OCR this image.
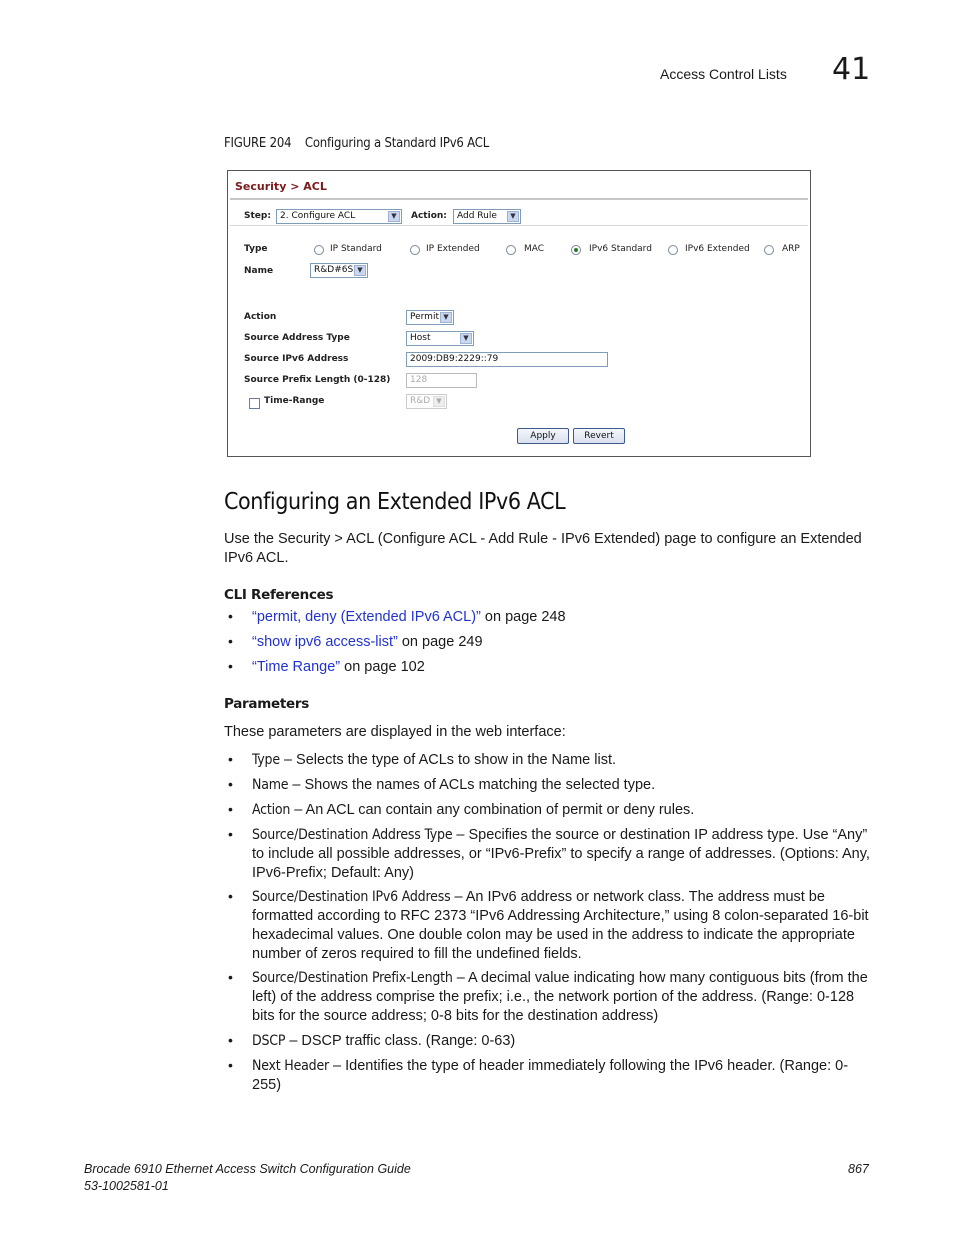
Access Control Lists 41
FIGURE 204 Configuring a Standard IPv6 ACL
Security > ACL
Step:	2. Configure ACL	▼	Action:	Add Rule	▼
Type	IP Standard	IP Extended	MAC	IPv6 Standard	IPv6 Extended	ARP
Name	R&D#6S ▼
Action	Permit ▼
Source Address Type	Host	▼
Source IPv6 Address	2009:DB9:2229::79
Source Prefix Length (0-128)	128
Time-Range	R&D ▼
Apply	Revert
Configuring an Extended IPv6 ACL
Use the Security > ACL (Configure ACL - Add Rule - IPv6 Extended) page to configure an Extended IPv6 ACL.
CLI References
• “permit, deny (Extended IPv6 ACL)” on page 248
• “show ipv6 access-list” on page 249
• “Time Range” on page 102
Parameters
These parameters are displayed in the web interface:
• Type – Selects the type of ACLs to show in the Name list.
• Name – Shows the names of ACLs matching the selected type.
• Action – An ACL can contain any combination of permit or deny rules.
• Source/Destination Address Type – Specifies the source or destination IP address type. Use “Any” to include all possible addresses, or “IPv6-Prefix” to specify a range of addresses. (Options: Any, IPv6-Prefix; Default: Any)
• Source/Destination IPv6 Address – An IPv6 address or network class. The address must be formatted according to RFC 2373 “IPv6 Addressing Architecture,” using 8 colon-separated 16-bit hexadecimal values. One double colon may be used in the address to indicate the appropriate number of zeros required to fill the undefined fields.
• Source/Destination Prefix-Length – A decimal value indicating how many contiguous bits (from the left) of the address comprise the prefix; i.e., the network portion of the address. (Range: 0-128 bits for the source address; 0-8 bits for the destination address)
• DSCP – DSCP traffic class. (Range: 0-63)
• Next Header – Identifies the type of header immediately following the IPv6 header. (Range: 0-255)
Brocade 6910 Ethernet Access Switch Configuration Guide
53-1002581-01
867
